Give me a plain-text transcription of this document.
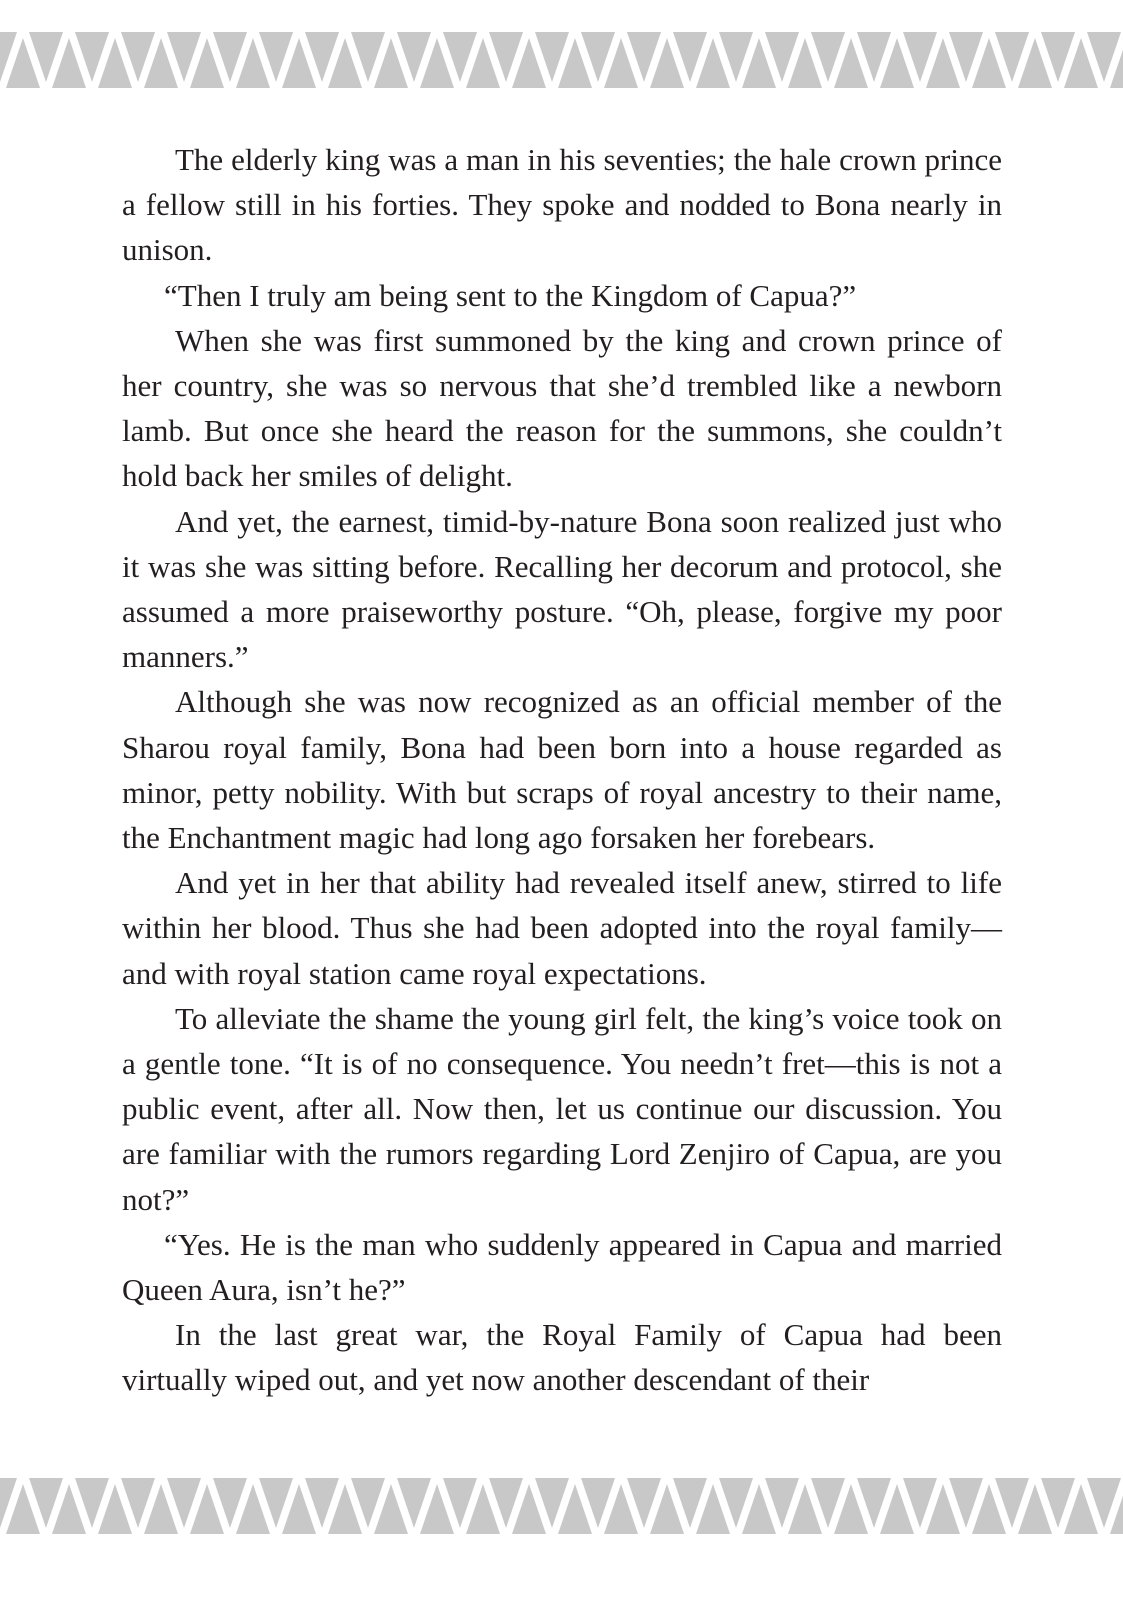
The elderly king was a man in his seventies; the hale crown prince a fellow still in his forties. They spoke and nodded to Bona nearly in unison.

“Then I truly am being sent to the Kingdom of Capua?”

When she was first summoned by the king and crown prince of her country, she was so nervous that she’d trembled like a newborn lamb. But once she heard the reason for the summons, she couldn’t hold back her smiles of delight.

And yet, the earnest, timid-by-nature Bona soon realized just who it was she was sitting before. Recalling her decorum and protocol, she assumed a more praiseworthy posture. “Oh, please, forgive my poor manners.”

Although she was now recognized as an official member of the Sharou royal family, Bona had been born into a house regarded as minor, petty nobility. With but scraps of royal ancestry to their name, the Enchantment magic had long ago forsaken her forebears.

And yet in her that ability had revealed itself anew, stirred to life within her blood. Thus she had been adopted into the royal family—and with royal station came royal expectations.

To alleviate the shame the young girl felt, the king’s voice took on a gentle tone. “It is of no consequence. You needn’t fret—this is not a public event, after all. Now then, let us continue our discussion. You are familiar with the rumors regarding Lord Zenjiro of Capua, are you not?”

“Yes. He is the man who suddenly appeared in Capua and married Queen Aura, isn’t he?”

In the last great war, the Royal Family of Capua had been virtually wiped out, and yet now another descendant of their
